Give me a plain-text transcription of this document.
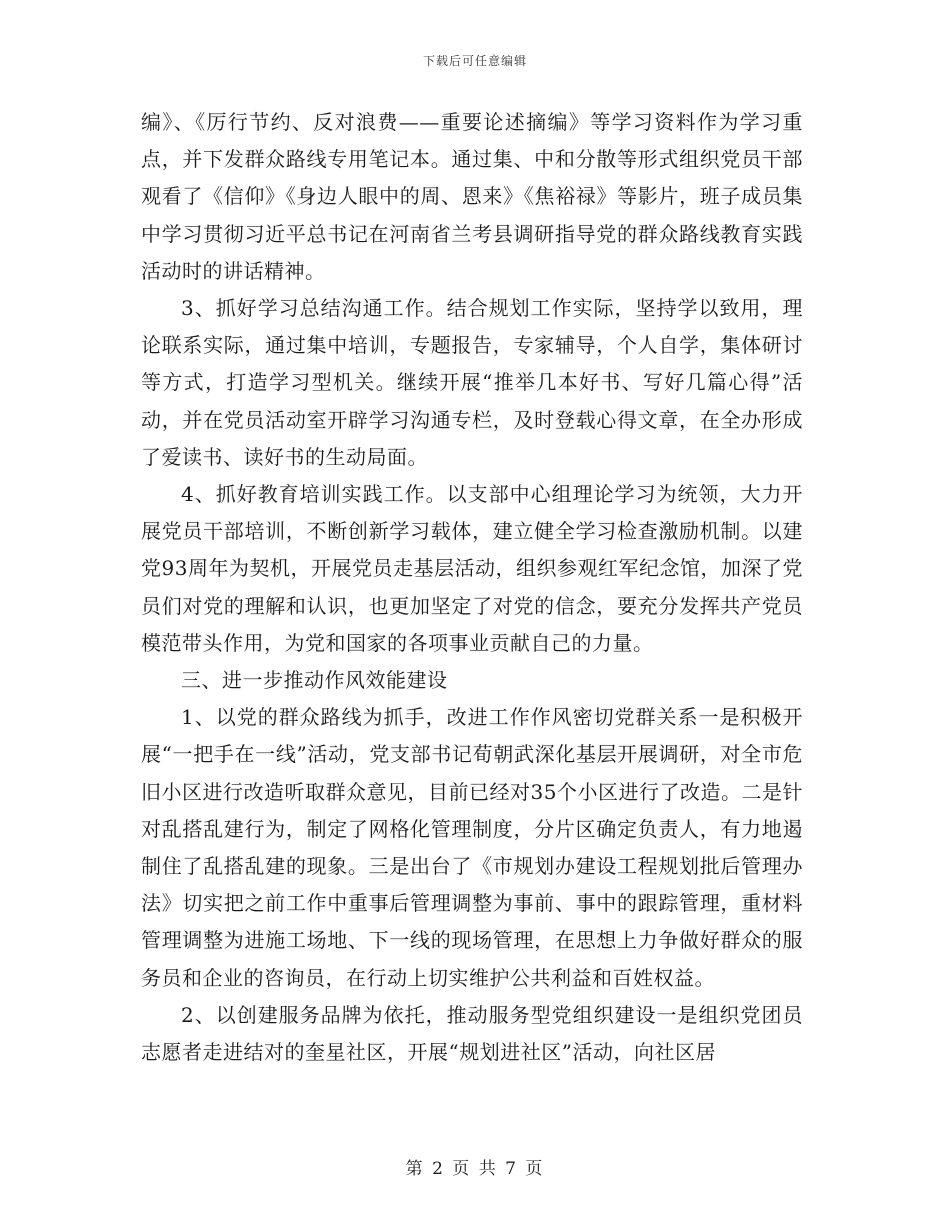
下载后可任意编辑

编》、《厉行节约、反对浪费——重要论述摘编》等学习资料作为学习重点，并下发群众路线专用笔记本。通过集、中和分散等形式组织党员干部观看了《信仰》《身边人眼中的周、恩来》《焦裕禄》等影片，班子成员集中学习贯彻习近平总书记在河南省兰考县调研指导党的群众路线教育实践活动时的讲话精神。

3、抓好学习总结沟通工作。结合规划工作实际，坚持学以致用，理论联系实际，通过集中培训，专题报告，专家辅导，个人自学，集体研讨等方式，打造学习型机关。继续开展“推举几本好书、写好几篇心得”活动，并在党员活动室开辟学习沟通专栏，及时登载心得文章，在全办形成了爱读书、读好书的生动局面。

4、抓好教育培训实践工作。以支部中心组理论学习为统领，大力开展党员干部培训，不断创新学习载体，建立健全学习检查激励机制。以建党93周年为契机，开展党员走基层活动，组织参观红军纪念馆，加深了党员们对党的理解和认识，也更加坚定了对党的信念，要充分发挥共产党员模范带头作用，为党和国家的各项事业贡献自己的力量。

三、进一步推动作风效能建设

1、以党的群众路线为抓手，改进工作作风密切党群关系一是积极开展“一把手在一线”活动，党支部书记荀朝武深化基层开展调研，对全市危旧小区进行改造听取群众意见，目前已经对35个小区进行了改造。二是针对乱搭乱建行为，制定了网格化管理制度，分片区确定负责人，有力地遏制住了乱搭乱建的现象。三是出台了《市规划办建设工程规划批后管理办法》切实把之前工作中重事后管理调整为事前、事中的跟踪管理，重材料管理调整为进施工场地、下一线的现场管理，在思想上力争做好群众的服务员和企业的咨询员，在行动上切实维护公共利益和百姓权益。

2、以创建服务品牌为依托，推动服务型党组织建设一是组织党团员志愿者走进结对的奎星社区，开展“规划进社区”活动，向社区居

第 2 页 共 7 页
